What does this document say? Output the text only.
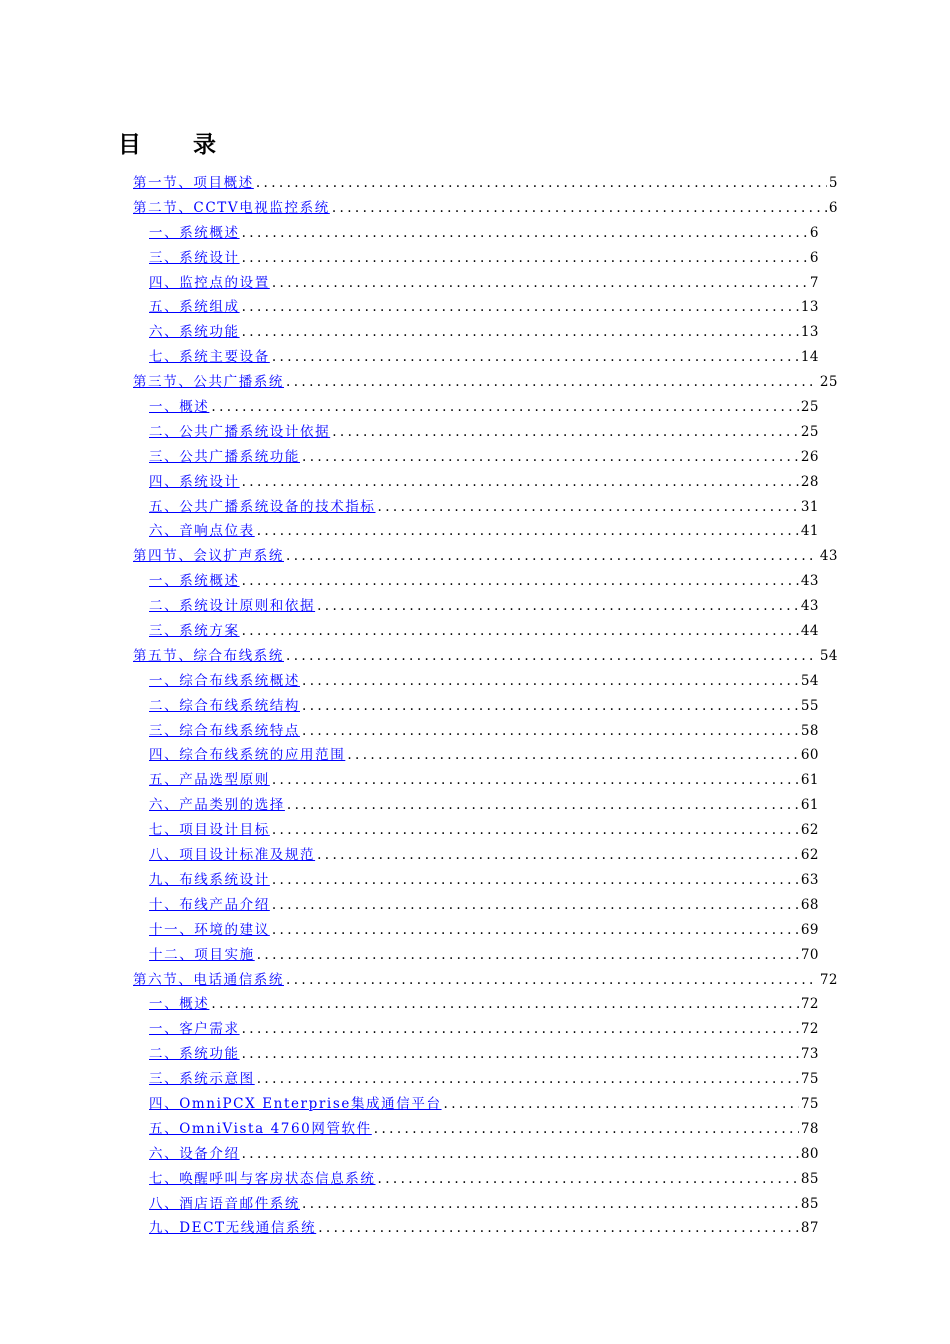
目 录
第一节、项目概述 .....	5
第二节、CCTV电视监控系统 .....	6
一、系统概述 .....	6
三、系统设计 .....	6
四、监控点的设置 .....	7
五、系统组成 .....	13
六、系统功能 .....	13
七、系统主要设备 .....	14
第三节、公共广播系统 .....	25
一、概述 .....	25
二、公共广播系统设计依据 .....	25
三、公共广播系统功能 .....	26
四、系统设计 .....	28
五、公共广播系统设备的技术指标 .....	31
六、音响点位表 .....	41
第四节、会议扩声系统 .....	43
一、系统概述 .....	43
二、系统设计原则和依据 .....	43
三、系统方案 .....	44
第五节、综合布线系统 .....	54
一、综合布线系统概述 .....	54
二、综合布线系统结构 .....	55
三、综合布线系统特点 .....	58
四、综合布线系统的应用范围 .....	60
五、产品选型原则 .....	61
六、产品类别的选择 .....	61
七、项目设计目标 .....	62
八、项目设计标准及规范 .....	62
九、布线系统设计 .....	63
十、布线产品介绍 .....	68
十一、环境的建议 .....	69
十二、项目实施 .....	70
第六节、电话通信系统 .....	72
一、概述 .....	72
一、客户需求 .....	72
二、系统功能 .....	73
三、系统示意图 .....	75
四、OmniPCX Enterprise集成通信平台 .....	75
五、OmniVista 4760网管软件 .....	78
六、设备介绍 .....	80
七、唤醒呼叫与客房状态信息系统 .....	85
八、酒店语音邮件系统 .....	85
九、DECT无线通信系统 .....	87
